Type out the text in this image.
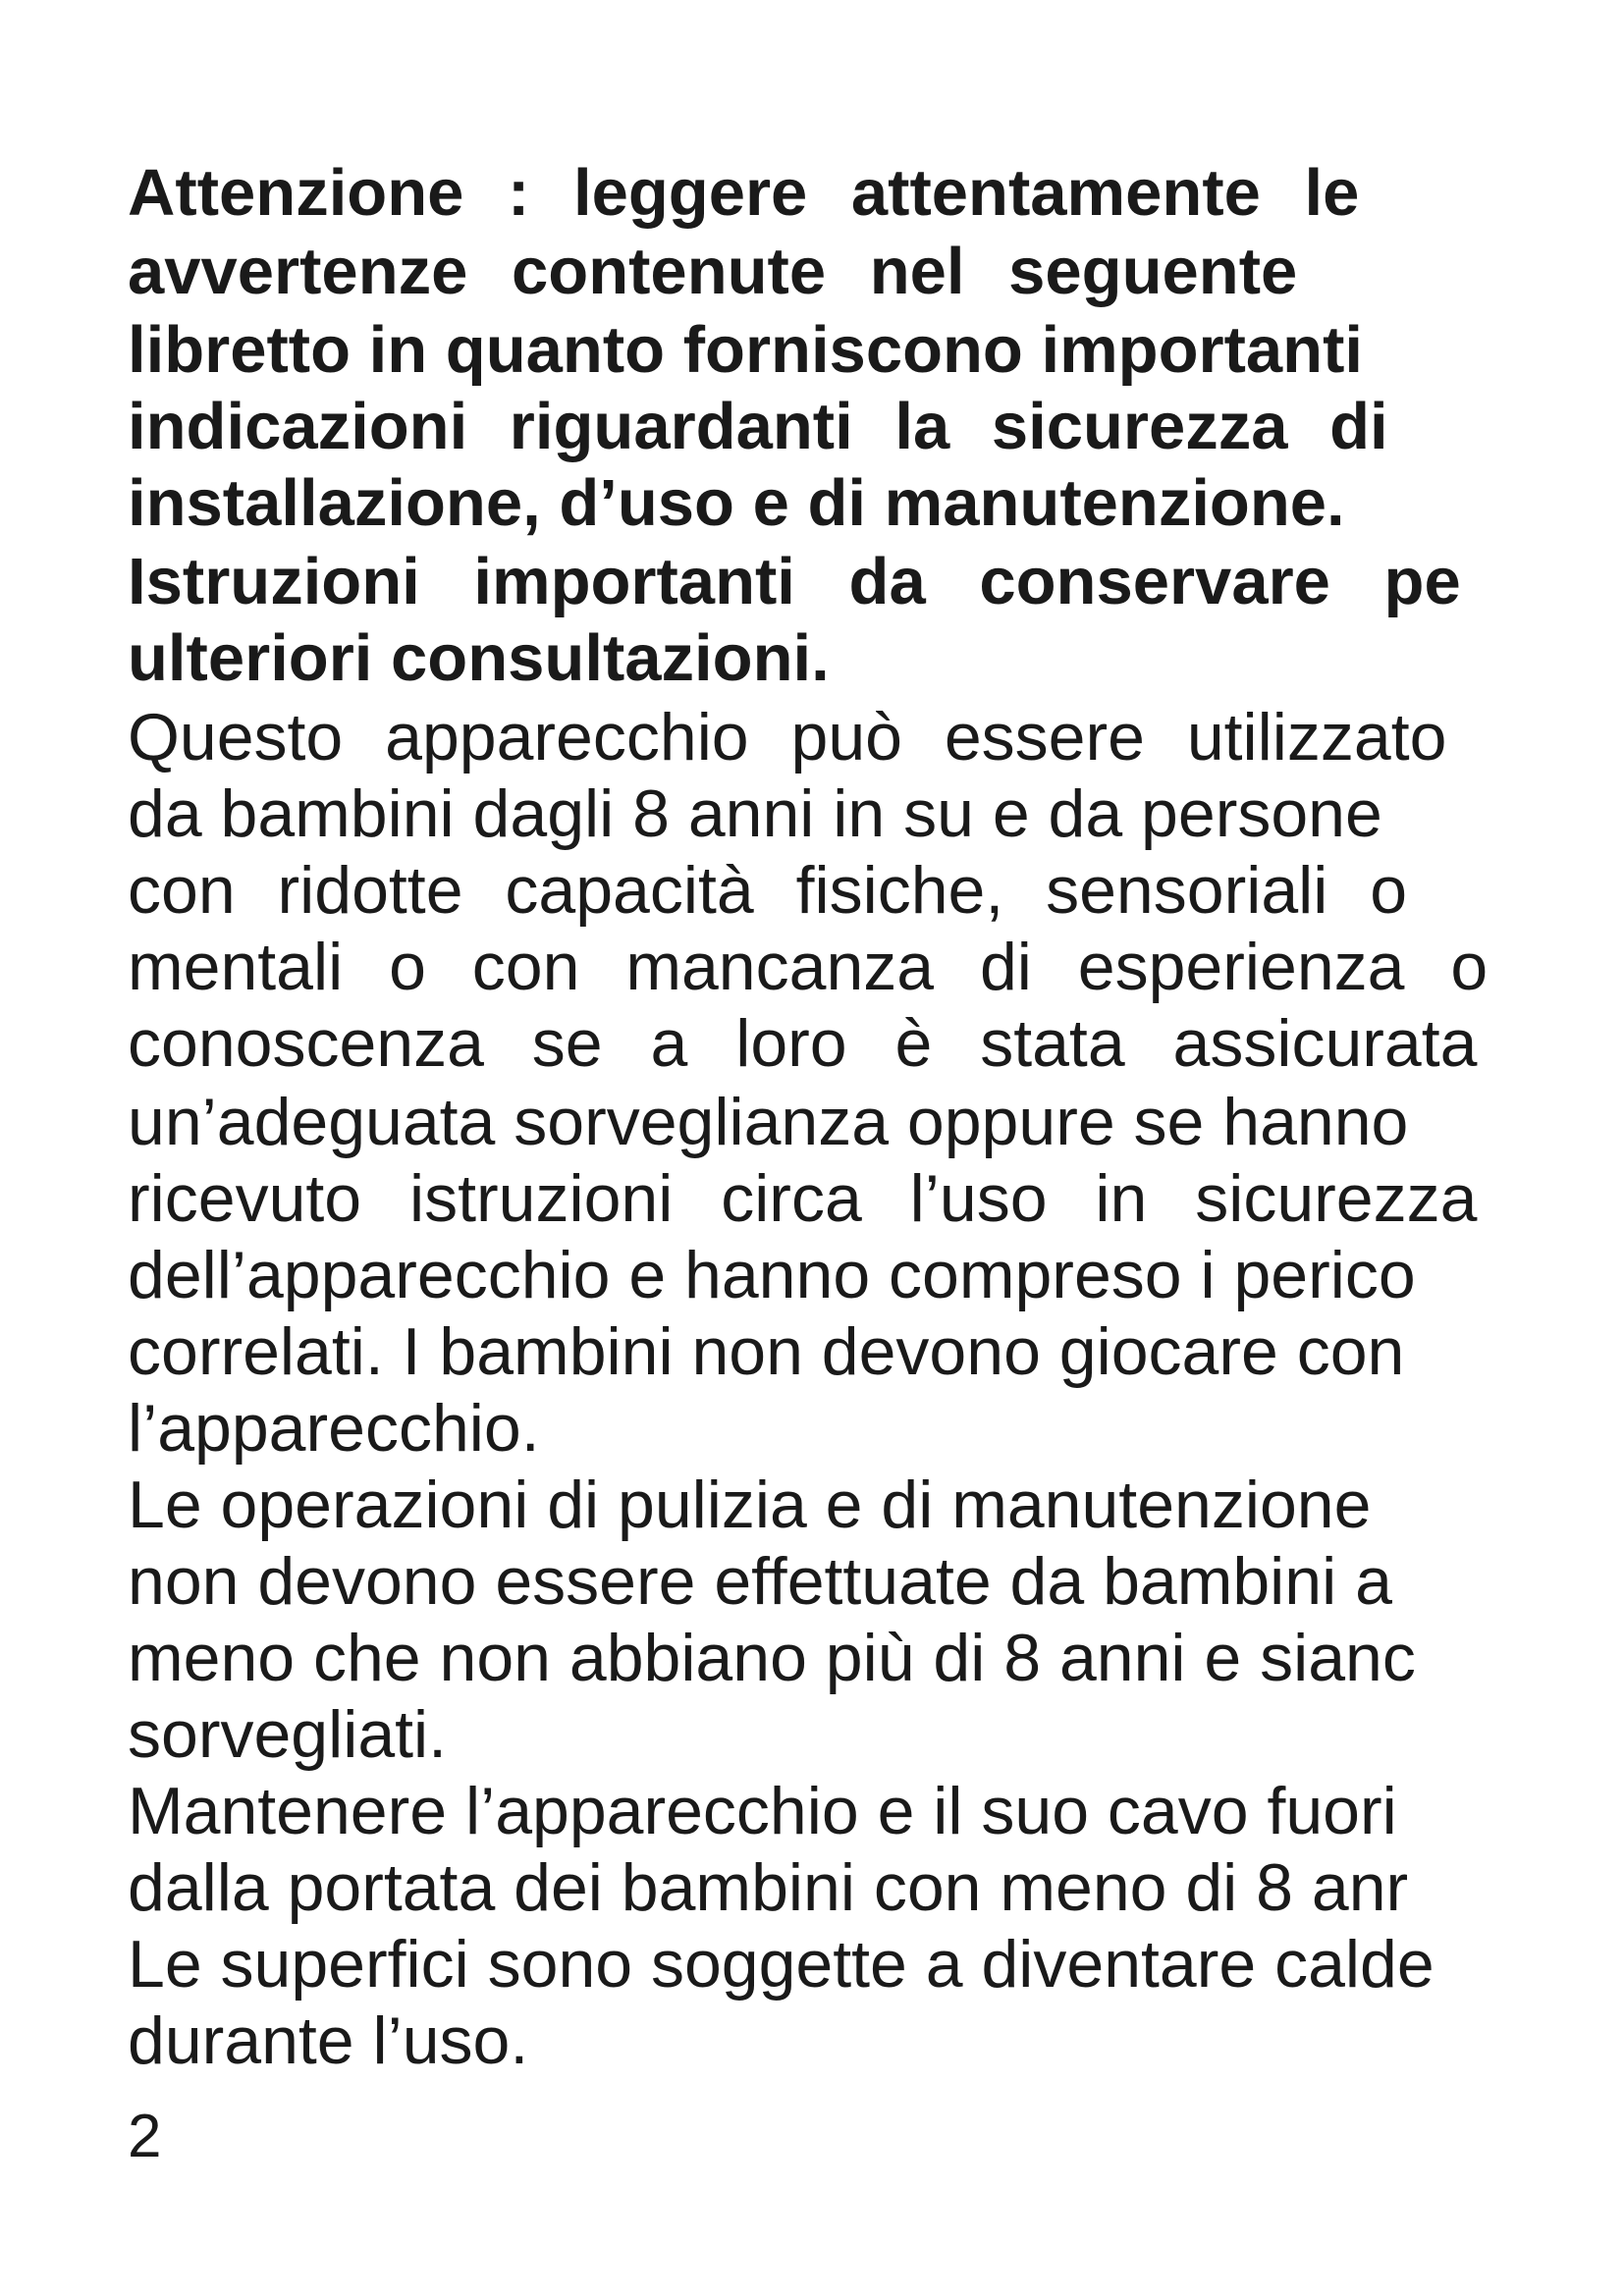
Attenzione : leggere attentamente le
avvertenze contenute nel seguente
libretto in quanto forniscono importanti
indicazioni riguardanti la sicurezza di
installazione, d’uso e di manutenzione.
Istruzioni importanti da conservare pe
ulteriori consultazioni.
Questo apparecchio può essere utilizzato
da bambini dagli 8 anni in su e da persone
con ridotte capacità fisiche, sensoriali o
mentali o con mancanza di esperienza o
conoscenza se a loro è stata assicurata
un’adeguata sorveglianza oppure se hanno
ricevuto istruzioni circa l’uso in sicurezza
dell’apparecchio e hanno compreso i perico
correlati. I bambini non devono giocare con
l’apparecchio.
Le operazioni di pulizia e di manutenzione
non devono essere effettuate da bambini a
meno che non abbiano più di 8 anni e sianc
sorvegliati.
Mantenere l’apparecchio e il suo cavo fuori
dalla portata dei bambini con meno di 8 anr
Le superfici sono soggette a diventare calde
durante l’uso.
2
